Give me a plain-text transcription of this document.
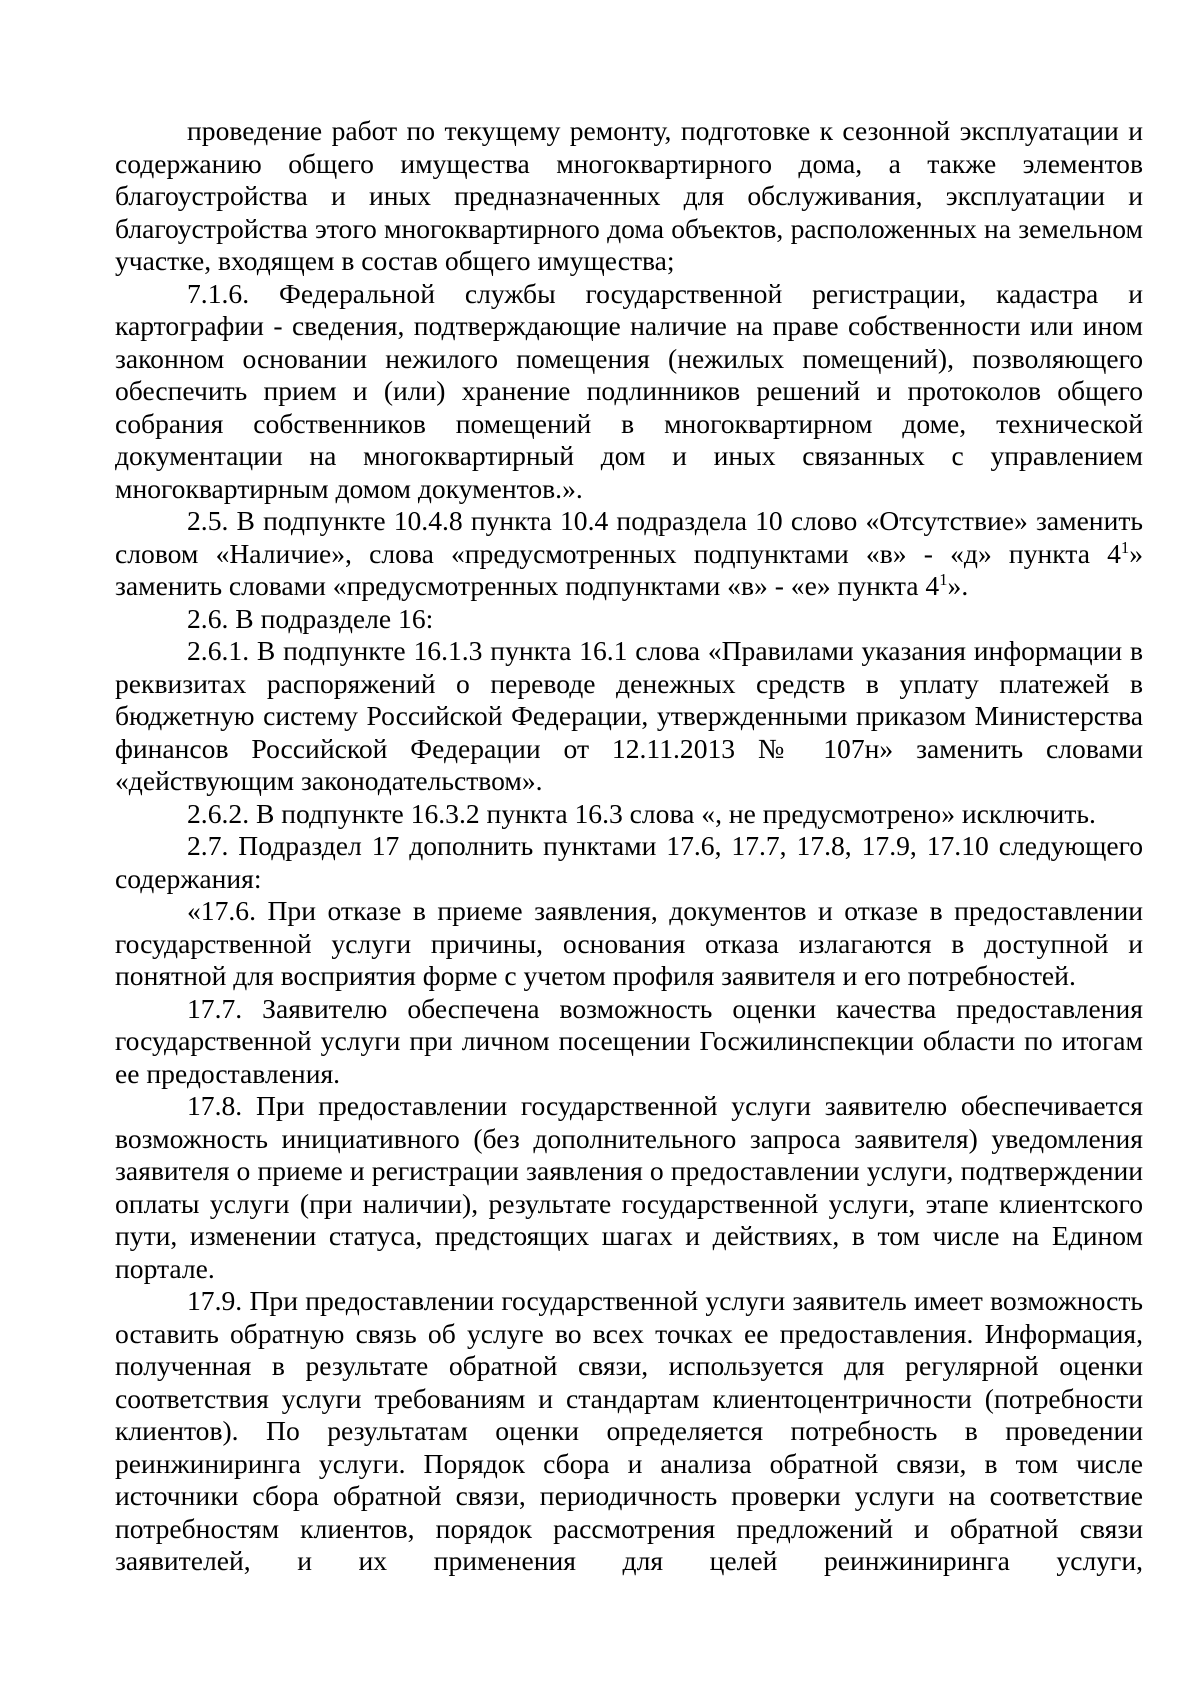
проведение работ по текущему ремонту, подготовке к сезонной эксплуатации и содержанию общего имущества многоквартирного дома, а также элементов благоустройства и иных предназначенных для обслуживания, эксплуатации и благоустройства этого многоквартирного дома объектов, расположенных на земельном участке, входящем в состав общего имущества;

7.1.6. Федеральной службы государственной регистрации, кадастра и картографии - сведения, подтверждающие наличие на праве собственности или ином законном основании нежилого помещения (нежилых помещений), позволяющего обеспечить прием и (или) хранение подлинников решений и протоколов общего собрания собственников помещений в многоквартирном доме, технической документации на многоквартирный дом и иных связанных с управлением многоквартирным домом документов.».

2.5. В подпункте 10.4.8 пункта 10.4 подраздела 10 слово «Отсутствие» заменить словом «Наличие», слова «предусмотренных подпунктами «в» - «д» пункта $4^1$» заменить словами «предусмотренных подпунктами «в» - «е» пункта $4^1$».

2.6. В подразделе 16:

2.6.1. В подпункте 16.1.3 пункта 16.1 слова «Правилами указания информации в реквизитах распоряжений о переводе денежных средств в уплату платежей в бюджетную систему Российской Федерации, утвержденными приказом Министерства финансов Российской Федерации от 12.11.2013 № 107н» заменить словами «действующим законодательством».

2.6.2. В подпункте 16.3.2 пункта 16.3 слова «, не предусмотрено» исключить.

2.7. Подраздел 17 дополнить пунктами 17.6, 17.7, 17.8, 17.9, 17.10 следующего содержания:

«17.6. При отказе в приеме заявления, документов и отказе в предоставлении государственной услуги причины, основания отказа излагаются в доступной и понятной для восприятия форме с учетом профиля заявителя и его потребностей.

17.7. Заявителю обеспечена возможность оценки качества предоставления государственной услуги при личном посещении Госжилинспекции области по итогам ее предоставления.

17.8. При предоставлении государственной услуги заявителю обеспечивается возможность инициативного (без дополнительного запроса заявителя) уведомления заявителя о приеме и регистрации заявления о предоставлении услуги, подтверждении оплаты услуги (при наличии), результате государственной услуги, этапе клиентского пути, изменении статуса, предстоящих шагах и действиях, в том числе на Едином портале.

17.9. При предоставлении государственной услуги заявитель имеет возможность оставить обратную связь об услуге во всех точках ее предоставления. Информация, полученная в результате обратной связи, используется для регулярной оценки соответствия услуги требованиям и стандартам клиентоцентричности (потребности клиентов). По результатам оценки определяется потребность в проведении реинжиниринга услуги. Порядок сбора и анализа обратной связи, в том числе источники сбора обратной связи, периодичность проверки услуги на соответствие потребностям клиентов, порядок рассмотрения предложений и обратной связи заявителей, и их применения для целей реинжиниринга услуги,
